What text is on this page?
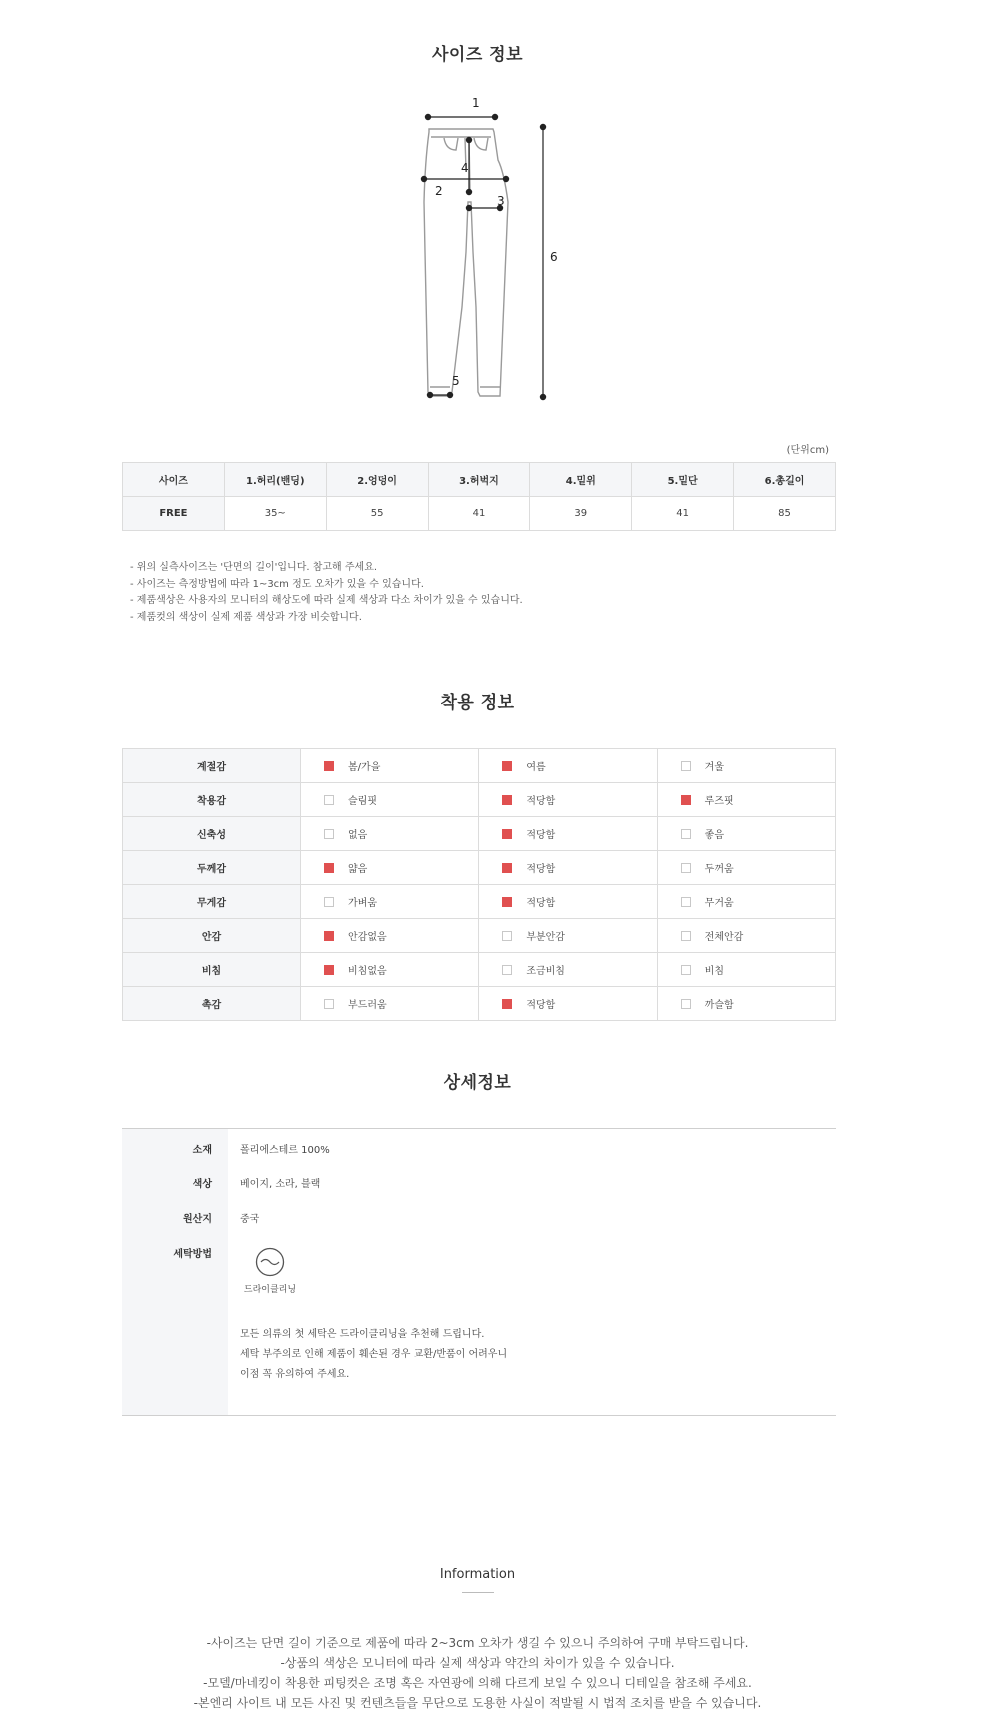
사이즈 정보
1
2
3
4
5
6
(단위cm)
사이즈	1.허리(밴딩)	2.엉덩이	3.허벅지	4.밑위	5.밑단	6.총길이
FREE	35~	55	41	39	41	85
- 위의 실측사이즈는 '단면의 길이'입니다. 참고해 주세요.
- 사이즈는 측정방법에 따라 1~3cm 정도 오차가 있을 수 있습니다.
- 제품색상은 사용자의 모니터의 해상도에 따라 실제 색상과 다소 차이가 있을 수 있습니다.
- 제품컷의 색상이 실제 제품 색상과 가장 비슷합니다.
착용 정보
계절감	봄/가을	여름	겨울
착용감	슬림핏	적당함	루즈핏
신축성	없음	적당함	좋음
두께감	얇음	적당함	두꺼움
무게감	가벼움	적당함	무거움
안감	안감없음	부분안감	전체안감
비침	비침없음	조금비침	비침
촉감	부드러움	적당함	까슬함
상세정보
소재	폴리에스테르 100%
색상	베이지, 소라, 블랙
원산지	중국
세탁방법
드라이클리닝
모든 의류의 첫 세탁은 드라이클리닝을 추천해 드립니다.
세탁 부주의로 인해 제품이 훼손된 경우 교환/반품이 어려우니
이점 꼭 유의하여 주세요.
Information
-사이즈는 단면 길이 기준으로 제품에 따라 2~3cm 오차가 생길 수 있으니 주의하여 구매 부탁드립니다.
-상품의 색상은 모니터에 따라 실제 색상과 약간의 차이가 있을 수 있습니다.
-모델/마네킹이 착용한 피팅컷은 조명 혹은 자연광에 의해 다르게 보일 수 있으니 디테일을 참조해 주세요.
-본엔리 사이트 내 모든 사진 및 컨텐츠들을 무단으로 도용한 사실이 적발될 시 법적 조치를 받을 수 있습니다.
